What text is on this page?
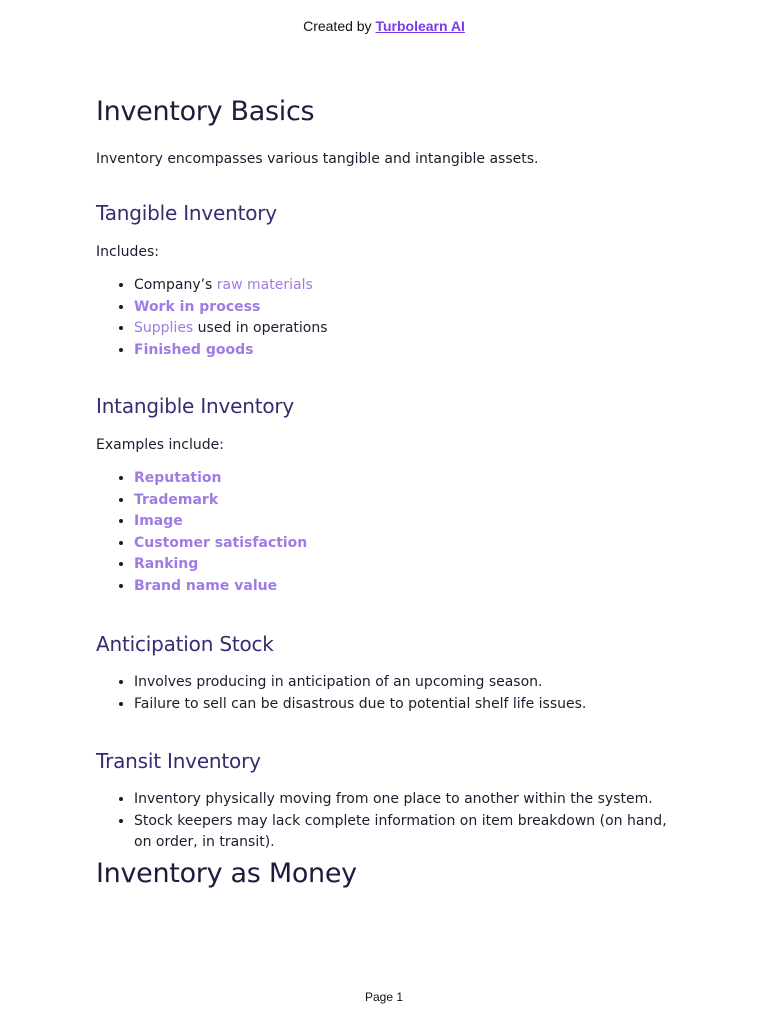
Created by Turbolearn AI
Inventory Basics

Inventory encompasses various tangible and intangible assets.

Tangible Inventory

Includes:

• Company’s raw materials
• Work in process
• Supplies used in operations
• Finished goods
Intangible Inventory

Examples include:

• Reputation
• Trademark
• Image
• Customer satisfaction
• Ranking
• Brand name value
Anticipation Stock
• Involves producing in anticipation of an upcoming season.
• Failure to sell can be disastrous due to potential shelf life issues.
Transit Inventory
• Inventory physically moving from one place to another within the system.
• Stock keepers may lack complete information on item breakdown (on hand, on order, in transit).
Inventory as Money
Page 1
